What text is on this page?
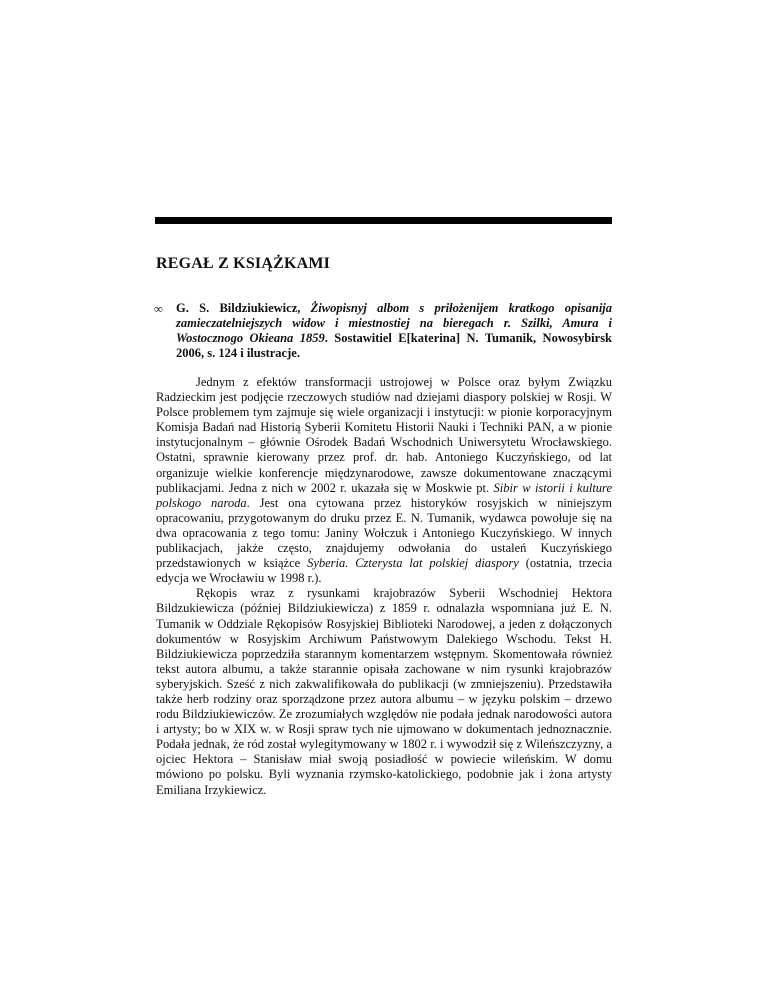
REGAŁ Z KSIĄŻKAMI
∞ G. S. Bildziukiewicz, Żiwopisnyj albom s priłożenijem kratkogo opisanija zamieczatelniejszych widow i miestnostiej na bieregach r. Szilki, Amura i Wostocznogo Okieana 1859. Sostawitiel E[katerina] N. Tumanik, Nowosybirsk 2006, s. 124 i ilustracje.

Jednym z efektów transformacji ustrojowej w Polsce oraz byłym Związku Radzieckim jest podjęcie rzeczowych studiów nad dziejami diaspory polskiej w Rosji. W Polsce problemem tym zajmuje się wiele organizacji i instytucji: w pionie korporacyjnym Komisja Badań nad Historią Syberii Komitetu Historii Nauki i Techniki PAN, a w pionie instytucjonalnym – głównie Ośrodek Badań Wschodnich Uniwersytetu Wrocławskiego. Ostatni, sprawnie kierowany przez prof. dr. hab. Antoniego Kuczyńskiego, od lat organizuje wielkie konferencje międzynarodowe, zawsze dokumentowane znaczącymi publikacjami. Jedna z nich w 2002 r. ukazała się w Moskwie pt. Sibir w istorii i kulture polskogo naroda. Jest ona cytowana przez historyków rosyjskich w niniejszym opracowaniu, przygotowanym do druku przez E. N. Tumanik, wydawca powołuje się na dwa opracowania z tego tomu: Janiny Wołczuk i Antoniego Kuczyńskiego. W innych publikacjach, jakże często, znajdujemy odwołania do ustaleń Kuczyńskiego przedstawionych w książce Syberia. Czterysta lat polskiej diaspory (ostatnia, trzecia edycja we Wrocławiu w 1998 r.).

Rękopis wraz z rysunkami krajobrazów Syberii Wschodniej Hektora Bildzukiewicza (później Bildziukiewicza) z 1859 r. odnalazła wspomniana już E. N. Tumanik w Oddziale Rękopisów Rosyjskiej Biblioteki Narodowej, a jeden z dołączonych dokumentów w Rosyjskim Archiwum Państwowym Dalekiego Wschodu. Tekst H. Bildziukiewicza poprzedziła starannym komentarzem wstępnym. Skomentowała również tekst autora albumu, a także starannie opisała zachowane w nim rysunki krajobrazów syberyjskich. Sześć z nich zakwalifikowała do publikacji (w zmniejszeniu). Przedstawiła także herb rodziny oraz sporządzone przez autora albumu – w języku polskim – drzewo rodu Bildziukiewiczów. Ze zrozumiałych względów nie podała jednak narodowości autora i artysty; bo w XIX w. w Rosji spraw tych nie ujmowano w dokumentach jednoznacznie. Podała jednak, że ród został wylegitymowany w 1802 r. i wywodził się z Wileńszczyzny, a ojciec Hektora – Stanisław miał swoją posiadłość w powiecie wileńskim. W domu mówiono po polsku. Byli wyznania rzymsko-katolickiego, podobnie jak i żona artysty Emiliana Irzykiewicz.
